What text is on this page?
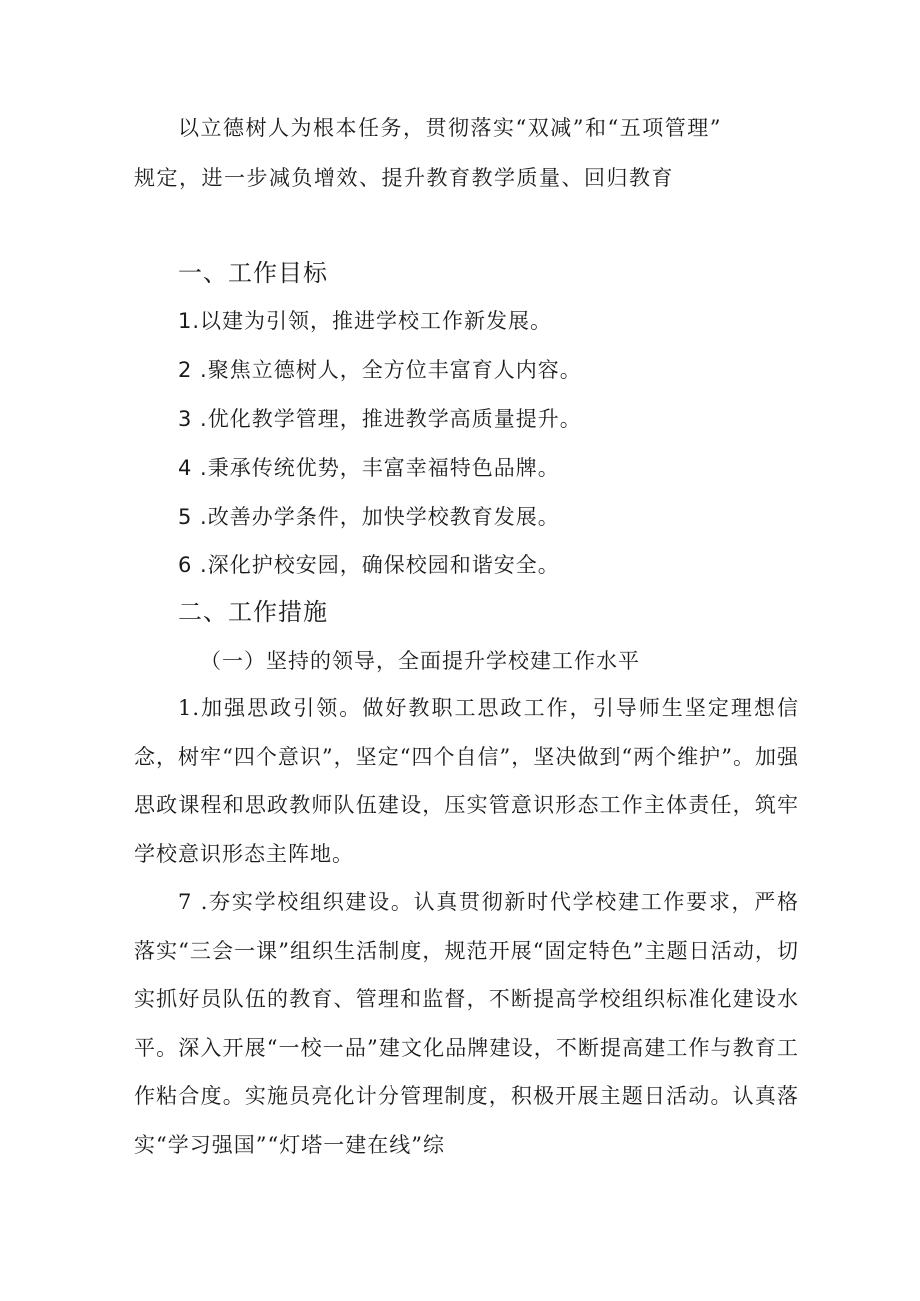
以立德树人为根本任务，贯彻落实“双减”和“五项管理”
规定，进一步减负增效、提升教育教学质量、回归教育
一、工作目标
1.以建为引领，推进学校工作新发展。
2 .聚焦立德树人，全方位丰富育人内容。
3 .优化教学管理，推进教学高质量提升。
4 .秉承传统优势，丰富幸福特色品牌。
5 .改善办学条件，加快学校教育发展。
6 .深化护校安园，确保校园和谐安全。
二、工作措施
（一）坚持的领导，全面提升学校建工作水平
1.加强思政引领。做好教职工思政工作，引导师生坚定理想信念，树牢“四个意识”，坚定“四个自信”，坚决做到“两个维护”。加强思政课程和思政教师队伍建设，压实管意识形态工作主体责任，筑牢学校意识形态主阵地。
7 .夯实学校组织建设。认真贯彻新时代学校建工作要求，严格落实“三会一课”组织生活制度，规范开展“固定特色”主题日活动，切实抓好员队伍的教育、管理和监督，不断提高学校组织标准化建设水平。深入开展“一校一品”建文化品牌建设，不断提高建工作与教育工作粘合度。实施员亮化计分管理制度，积极开展主题日活动。认真落实“学习强国”“灯塔一建在线”综
